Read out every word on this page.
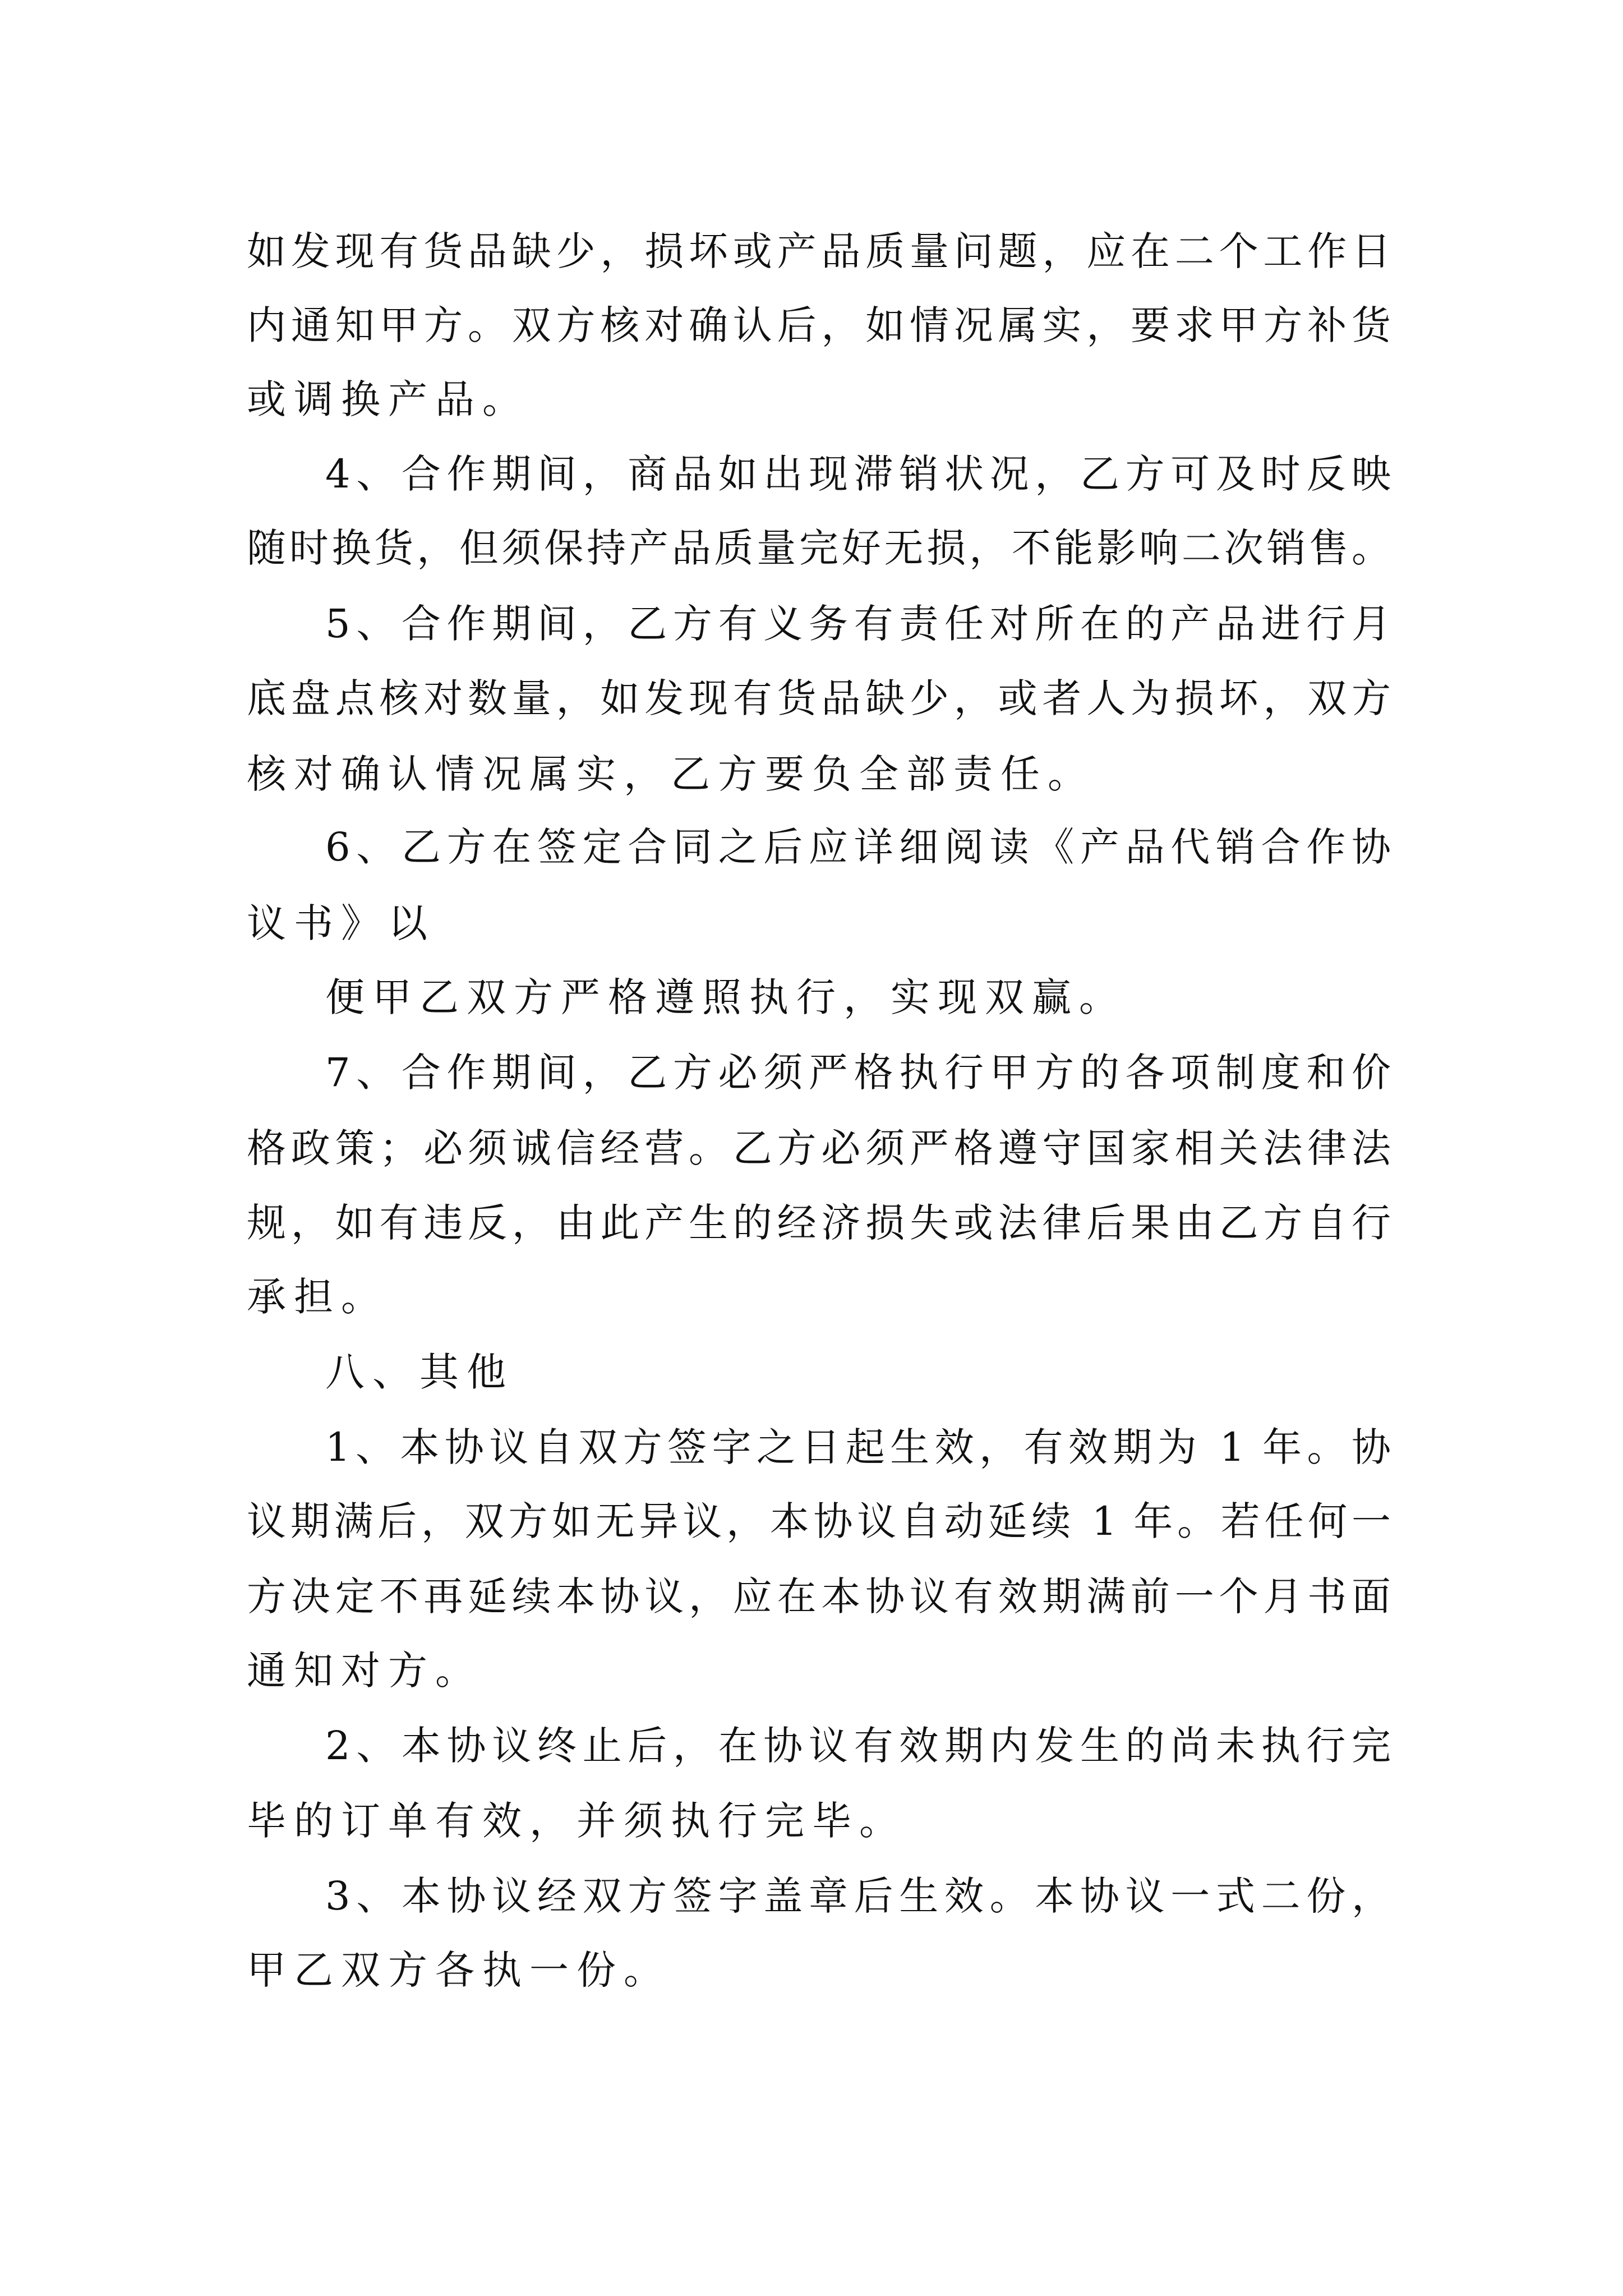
如发现有货品缺少，损坏或产品质量问题，应在二个工作日

内通知甲方。双方核对确认后，如情况属实，要求甲方补货

或调换产品。

4、合作期间，商品如出现滞销状况，乙方可及时反映

随时换货，但须保持产品质量完好无损，不能影响二次销售。

5、合作期间，乙方有义务有责任对所在的产品进行月

底盘点核对数量，如发现有货品缺少，或者人为损坏，双方

核对确认情况属实，乙方要负全部责任。

6、乙方在签定合同之后应详细阅读《产品代销合作协

议书》以

便甲乙双方严格遵照执行，实现双赢。

7、合作期间，乙方必须严格执行甲方的各项制度和价

格政策；必须诚信经营。乙方必须严格遵守国家相关法律法

规，如有违反，由此产生的经济损失或法律后果由乙方自行

承担。

八、其他

1、本协议自双方签字之日起生效，有效期为 1 年。协

议期满后，双方如无异议，本协议自动延续 1 年。若任何一

方决定不再延续本协议，应在本协议有效期满前一个月书面

通知对方。

2、本协议终止后，在协议有效期内发生的尚未执行完

毕的订单有效，并须执行完毕。

3、本协议经双方签字盖章后生效。本协议一式二份，

甲乙双方各执一份。
